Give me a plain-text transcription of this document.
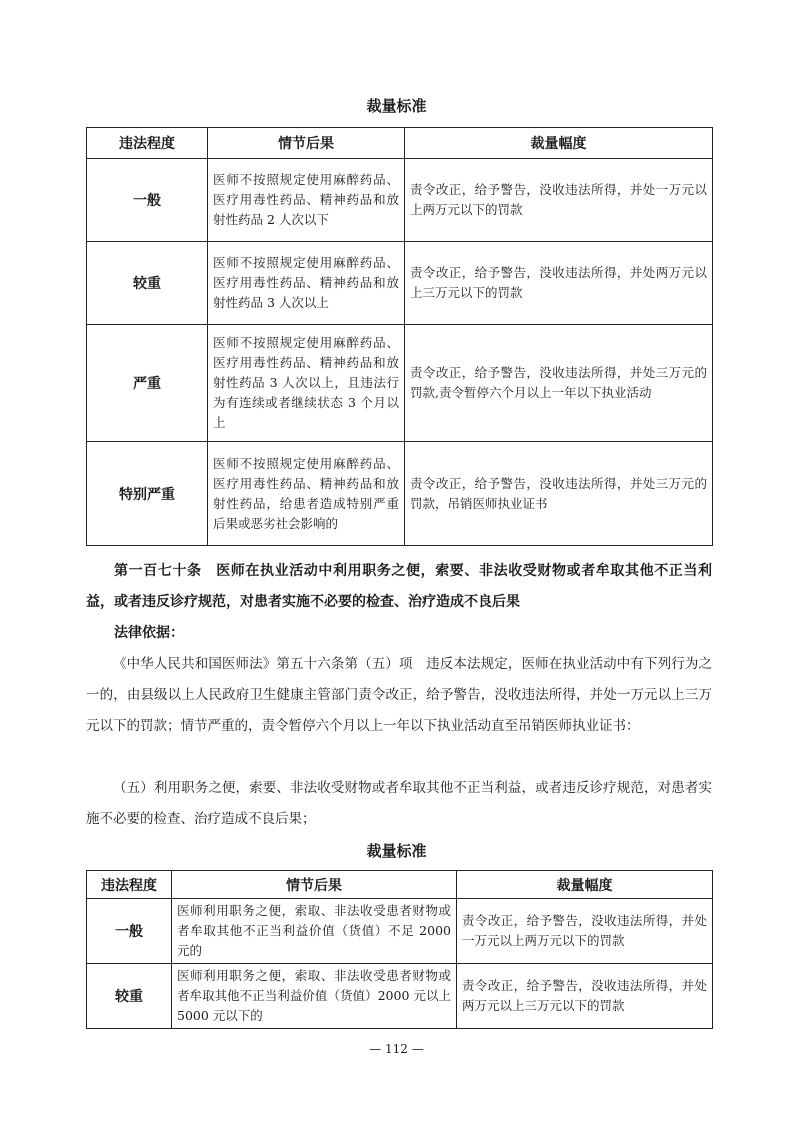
裁量标准
违法程度	情节后果	裁量幅度
一般	医师不按照规定使用麻醉药品、医疗用毒性药品、精神药品和放射性药品 2 人次以下	责令改正，给予警告，没收违法所得，并处一万元以上两万元以下的罚款
较重	医师不按照规定使用麻醉药品、医疗用毒性药品、精神药品和放射性药品 3 人次以上	责令改正，给予警告，没收违法所得，并处两万元以上三万元以下的罚款
严重	医师不按照规定使用麻醉药品、医疗用毒性药品、精神药品和放射性药品 3 人次以上，且违法行为有连续或者继续状态 3 个月以上	责令改正，给予警告，没收违法所得，并处三万元的罚款,责令暂停六个月以上一年以下执业活动
特别严重	医师不按照规定使用麻醉药品、医疗用毒性药品、精神药品和放射性药品，给患者造成特别严重后果或恶劣社会影响的	责令改正，给予警告，没收违法所得，并处三万元的罚款，吊销医师执业证书
第一百七十条　医师在执业活动中利用职务之便，索要、非法收受财物或者牟取其他不正当利益，或者违反诊疗规范，对患者实施不必要的检查、治疗造成不良后果
法律依据：
《中华人民共和国医师法》第五十六条第（五）项　违反本法规定，医师在执业活动中有下列行为之一的，由县级以上人民政府卫生健康主管部门责令改正，给予警告，没收违法所得，并处一万元以上三万元以下的罚款；情节严重的，责令暂停六个月以上一年以下执业活动直至吊销医师执业证书：
（五）利用职务之便，索要、非法收受财物或者牟取其他不正当利益，或者违反诊疗规范，对患者实施不必要的检查、治疗造成不良后果；
裁量标准
违法程度	情节后果	裁量幅度
一般	医师利用职务之便，索取、非法收受患者财物或者牟取其他不正当利益价值（货值）不足 2000 元的	责令改正，给予警告，没收违法所得，并处一万元以上两万元以下的罚款
较重	医师利用职务之便，索取、非法收受患者财物或者牟取其他不正当利益价值（货值）2000 元以上 5000 元以下的	责令改正，给予警告，没收违法所得，并处两万元以上三万元以下的罚款
— 112 —
